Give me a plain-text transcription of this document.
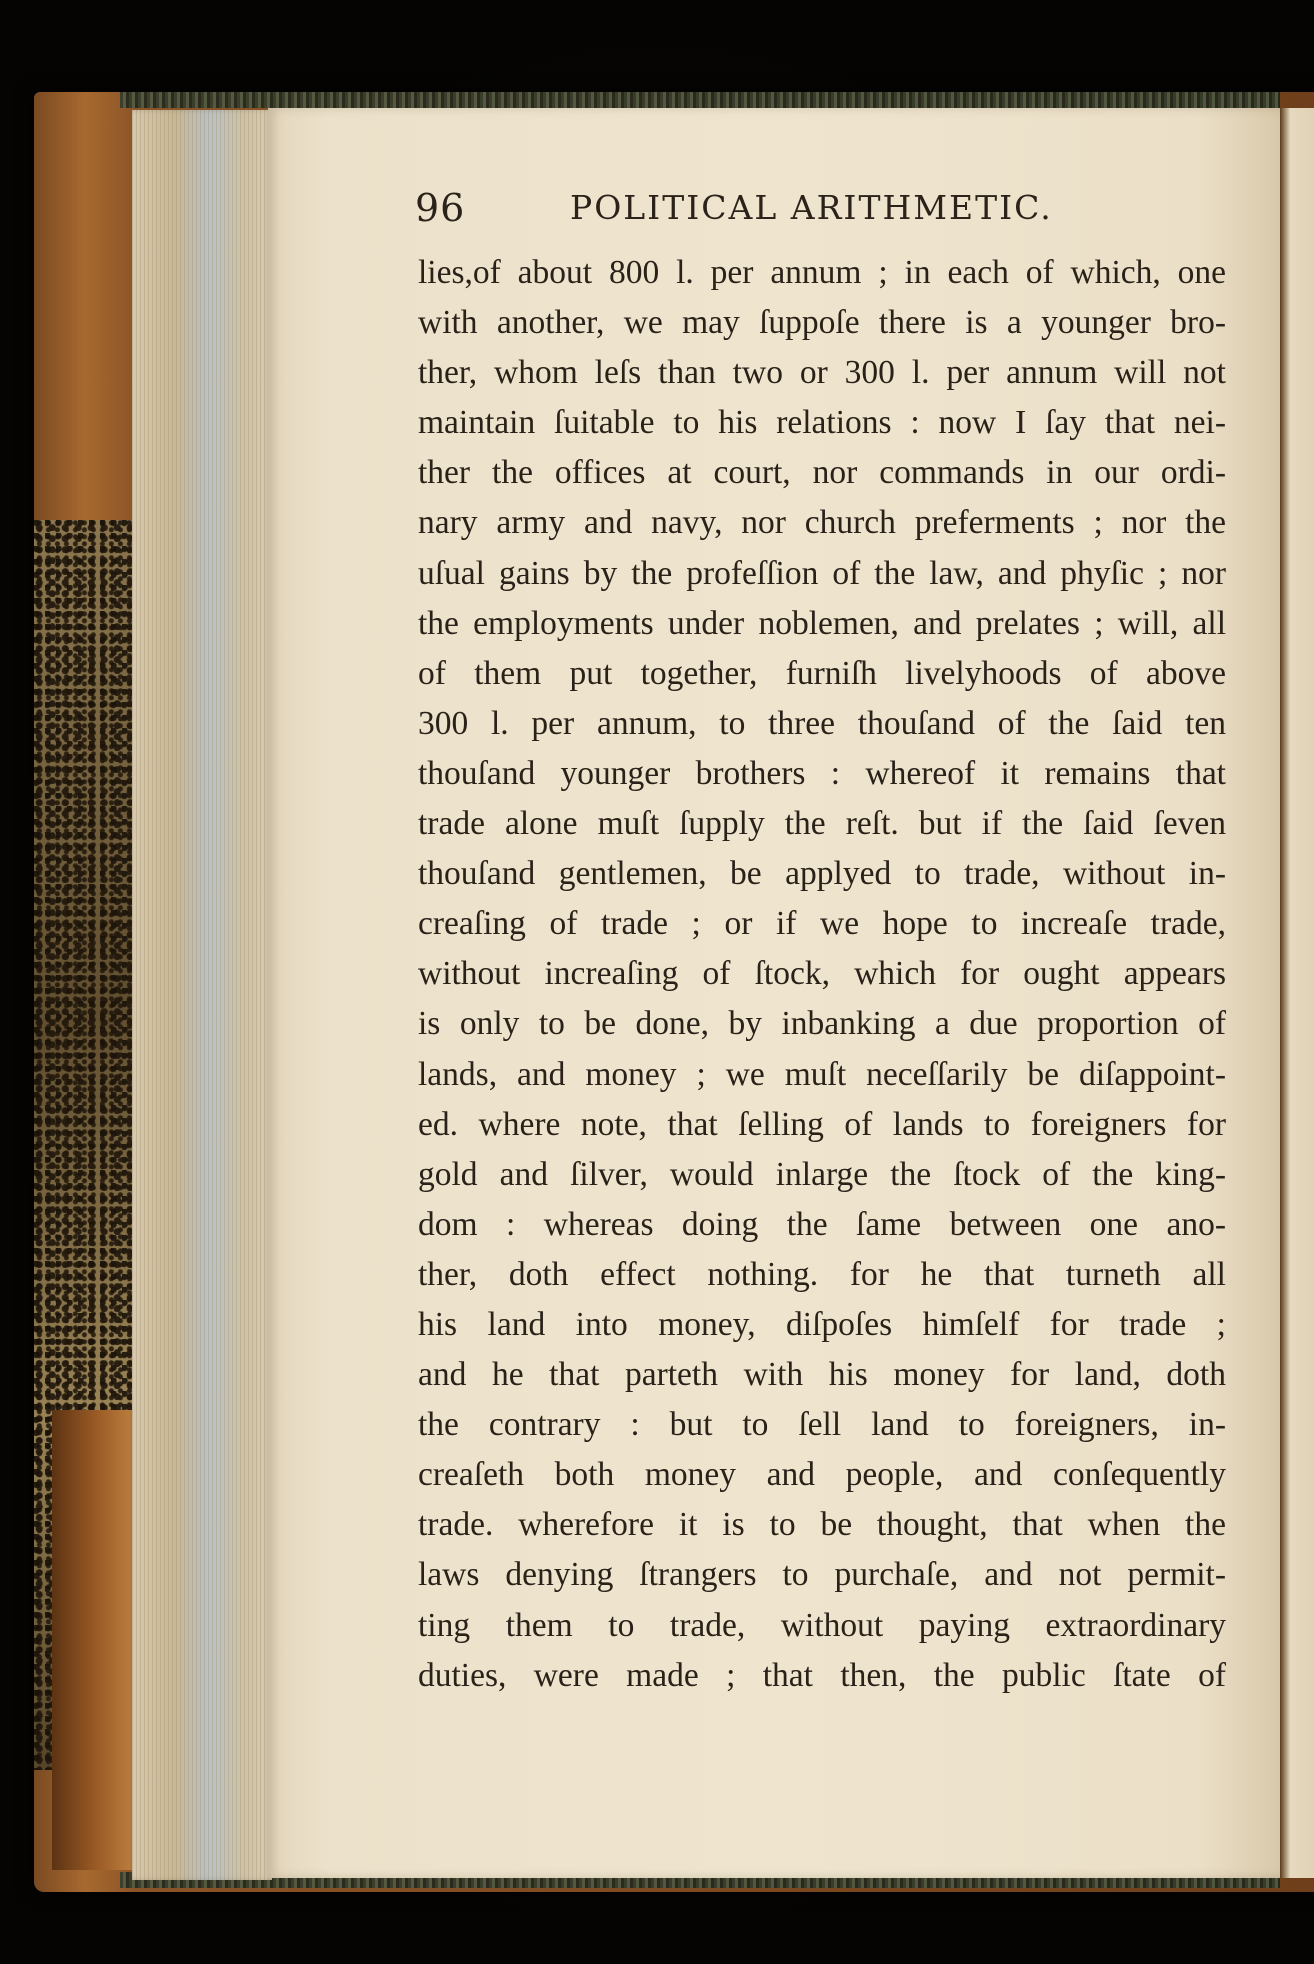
96	POLITICAL ARITHMETIC.
lies,of about 800 l. per annum ; in each of which, one
with another, we may ſuppoſe there is a younger bro-
ther, whom leſs than two or 300 l. per annum will not
maintain ſuitable to his relations : now I ſay that nei-
ther the offices at court, nor commands in our ordi-
nary army and navy, nor church preferments ; nor the
uſual gains by the profeſſion of the law, and phyſic ; nor
the employments under noblemen, and prelates ; will, all
of them put together, furniſh livelyhoods of above
300 l. per annum, to three thouſand of the ſaid ten
thouſand younger brothers : whereof it remains that
trade alone muſt ſupply the reſt. but if the ſaid ſeven
thouſand gentlemen, be applyed to trade, without in-
creaſing of trade ; or if we hope to increaſe trade,
without increaſing of ſtock, which for ought appears
is only to be done, by inbanking a due proportion of
lands, and money ; we muſt neceſſarily be diſappoint-
ed. where note, that ſelling of lands to foreigners for
gold and ſilver, would inlarge the ſtock of the king-
dom : whereas doing the ſame between one ano-
ther, doth effect nothing. for he that turneth all
his land into money, diſpoſes himſelf for trade ;
and he that parteth with his money for land, doth
the contrary : but to ſell land to foreigners, in-
creaſeth both money and people, and conſequently
trade. wherefore it is to be thought, that when the
laws denying ſtrangers to purchaſe, and not permit-
ting them to trade, without paying extraordinary
duties, were made ; that then, the public ſtate of
